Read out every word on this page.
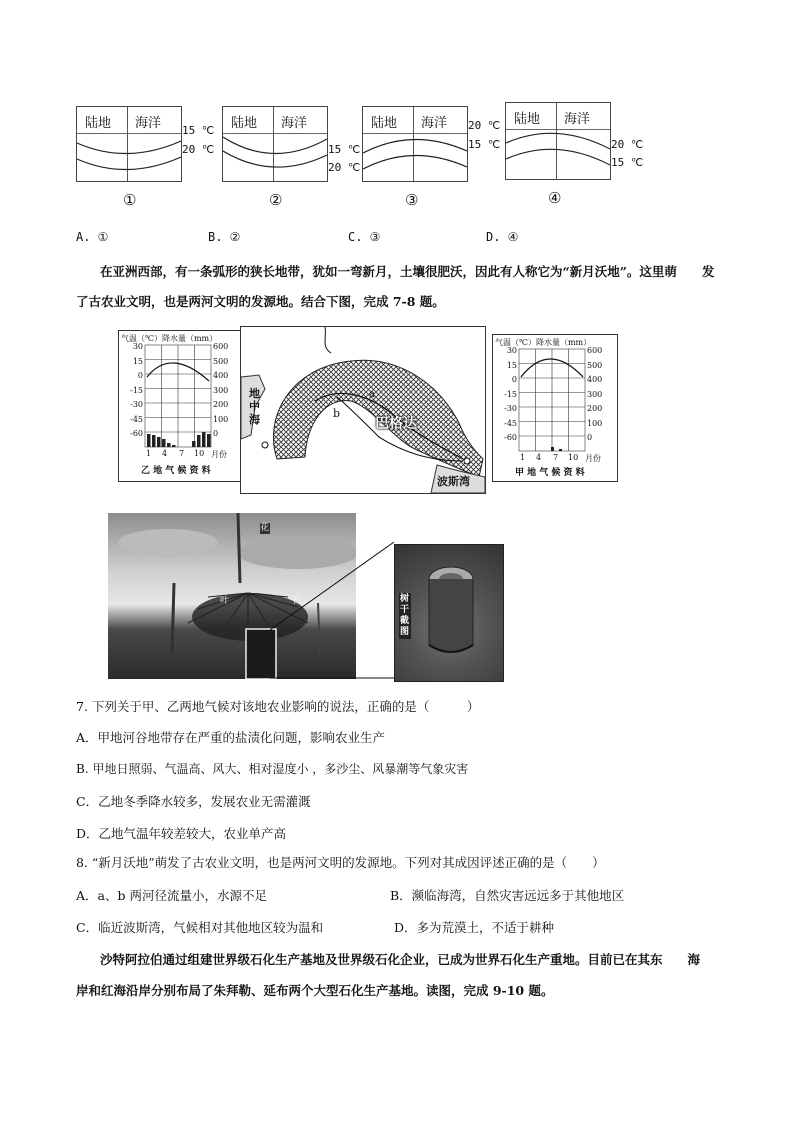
陆地 海洋 15 ℃
20 ℃
①
陆地 海洋
15 ℃
20 ℃
②
陆地 海洋 20 ℃
15 ℃
③
陆地 海洋
20 ℃
15 ℃
④
A. ①	B. ②	C. ③	D. ④
在亚洲西部，有一条弧形的狭长地带，犹如一弯新月，土壤很肥沃，因此有人称它为“新月沃地”。这里萌　　发
了古农业文明，也是两河文明的发源地。结合下图，完成 7-8 题。
气温（℃）降水量（mm）
30
15
0
-15
-30
-45
-60
600
500
400
300
200
100
0
1 4 7 10 月份
乙 地 气 候 资 料
地中海	巴格达
a
b
波斯湾
气温（℃）降水量（mm）
30
15
0
-15
-30
-45
-60
600
500
400
300
200
100
0
1 4 7 10 月份
甲 地 气 候 资 料
花
叶	干	树干截图
7. 下列关于甲、乙两地气候对该地农业影响的说法，正确的是（　　　）
A．甲地河谷地带存在严重的盐渍化问题，影响农业生产
B. 甲地日照弱、气温高、风大、相对湿度小 ，多沙尘、风暴潮等气象灾害
C．乙地冬季降水较多，发展农业无需灌溉
D．乙地气温年较差较大，农业单产高
8. “新月沃地”萌发了古农业文明，也是两河文明的发源地。下列对其成因评述正确的是（　　）
A．a、b 两河径流量小，水源不足	B．濒临海湾，自然灾害远远多于其他地区
C．临近波斯湾，气候相对其他地区较为温和	D．多为荒漠土，不适于耕种
沙特阿拉伯通过组建世界级石化生产基地及世界级石化企业，已成为世界石化生产重地。目前已在其东　　海
岸和红海沿岸分别布局了朱拜勒、延布两个大型石化生产基地。读图，完成 9-10 题。
